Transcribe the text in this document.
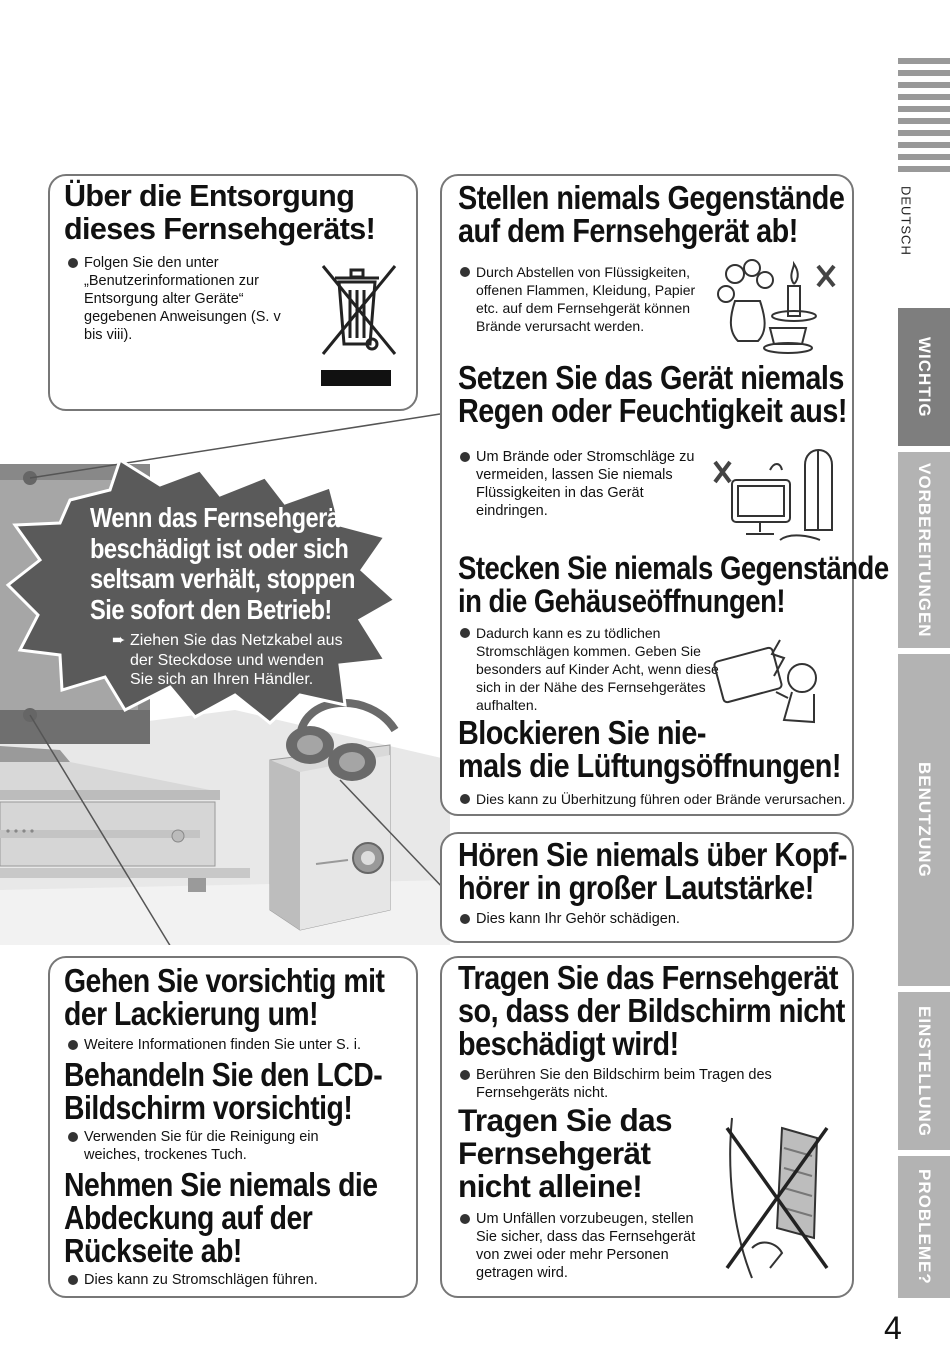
DEUTSCH
WICHTIG
VORBEREITUNGEN
BENUTZUNG
EINSTELLUNG
PROBLEME?
4
Wenn das Fernsehgerät
beschädigt ist oder sich
seltsam verhält, stoppen
Sie sofort den Betrieb!
➨ Ziehen Sie das Netzkabel aus
der Steckdose und wenden
Sie sich an Ihren Händler.
Über die Entsorgung
dieses Fernsehgeräts!

Folgen Sie den unter „Benutzerinformationen zur Entsorgung alter Geräte“ gegebenen Anweisungen (S. v bis viii).

Stellen niemals Gegenstände
auf dem Fernsehgerät ab!

Durch Abstellen von Flüssigkeiten, offenen Flammen, Kleidung, Papier etc. auf dem Fernsehgerät können Brände verursacht werden.

Setzen Sie das Gerät niemals
Regen oder Feuchtigkeit aus!

Um Brände oder Stromschläge zu vermeiden, lassen Sie niemals Flüssigkeiten in das Gerät eindringen.

Stecken Sie niemals Gegenstände
in die Gehäuseöffnungen!

Dadurch kann es zu tödlichen Stromschlägen kommen. Geben Sie besonders auf Kinder Acht, wenn diese sich in der Nähe des Fernsehgerätes aufhalten.

Blockieren Sie nie-
mals die Lüftungsöffnungen!

Dies kann zu Überhitzung führen oder Brände verursachen.

Hören Sie niemals über Kopf-
hörer in großer Lautstärke!

Dies kann Ihr Gehör schädigen.

Gehen Sie vorsichtig mit
der Lackierung um!

Weitere Informationen finden Sie unter S. i.

Behandeln Sie den LCD-
Bildschirm vorsichtig!

Verwenden Sie für die Reinigung ein weiches, trockenes Tuch.

Nehmen Sie niemals die
Abdeckung auf der
Rückseite ab!

Dies kann zu Stromschlägen führen.

Tragen Sie das Fernsehgerät
so, dass der Bildschirm nicht
beschädigt wird!

Berühren Sie den Bildschirm beim Tragen des Fernsehgeräts nicht.

Tragen Sie das
Fernsehgerät
nicht alleine!

Um Unfällen vorzubeugen, stellen Sie sicher, dass das Fernsehgerät von zwei oder mehr Personen getragen wird.
